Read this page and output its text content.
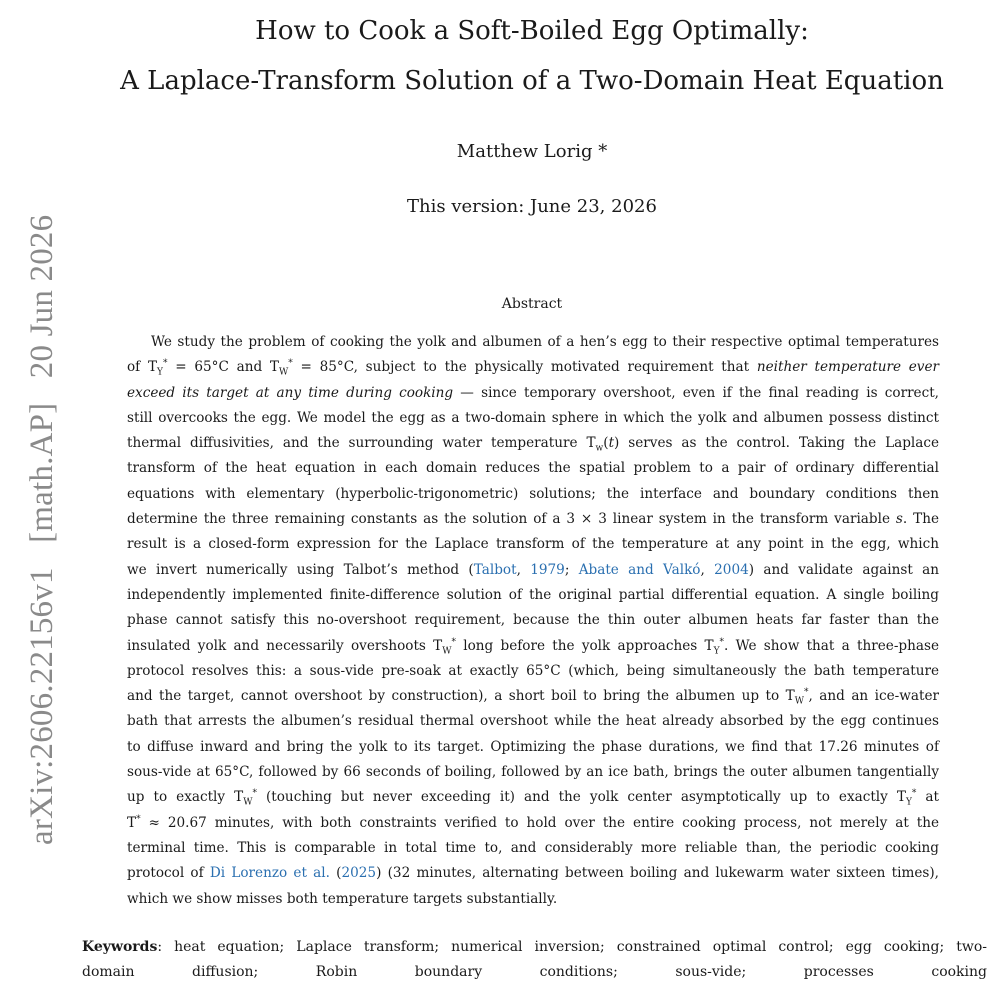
arXiv:2606.22156v1 [math.AP] 20 Jun 2026
How to Cook a Soft-Boiled Egg Optimally:
A Laplace-Transform Solution of a Two-Domain Heat Equation
Matthew Lorig *
This version: June 23, 2026
Abstract
We study the problem of cooking the yolk and albumen of a hen’s egg to their respective optimal temperatures
of $T_Y^* = 65^\circ C$ and $T_W^* = 85^\circ C$, subject to the physically motivated requirement that neither temperature ever
exceed its target at any time during cooking — since temporary overshoot, even if the final reading is correct,
still overcooks the egg. We model the egg as a two-domain sphere in which the yolk and albumen possess distinct
thermal diffusivities, and the surrounding water temperature $T_w(t)$ serves as the control. Taking the Laplace
transform of the heat equation in each domain reduces the spatial problem to a pair of ordinary differential
equations with elementary (hyperbolic-trigonometric) solutions; the interface and boundary conditions then
determine the three remaining constants as the solution of a 3 × 3 linear system in the transform variable s. The
result is a closed-form expression for the Laplace transform of the temperature at any point in the egg, which
we invert numerically using Talbot’s method (Talbot, 1979; Abate and Valkó, 2004) and validate against an
independently implemented finite-difference solution of the original partial differential equation. A single boiling
phase cannot satisfy this no-overshoot requirement, because the thin outer albumen heats far faster than the
insulated yolk and necessarily overshoots $T_W^*$ long before the yolk approaches $T_Y^*$. We show that a three-phase
protocol resolves this: a sous-vide pre-soak at exactly 65°C (which, being simultaneously the bath temperature
and the target, cannot overshoot by construction), a short boil to bring the albumen up to $T_W^*$, and an ice-water
bath that arrests the albumen’s residual thermal overshoot while the heat already absorbed by the egg continues
to diffuse inward and bring the yolk to its target. Optimizing the phase durations, we find that 17.26 minutes of
sous-vide at 65°C, followed by 66 seconds of boiling, followed by an ice bath, brings the outer albumen tangentially
up to exactly $T_W^*$ (touching but never exceeding it) and the yolk center asymptotically up to exactly $T_Y^*$ at
T* ≈ 20.67 minutes, with both constraints verified to hold over the entire cooking process, not merely at the
terminal time. This is comparable in total time to, and considerably more reliable than, the periodic cooking
protocol of Di Lorenzo et al. (2025) (32 minutes, alternating between boiling and lukewarm water sixteen times),
which we show misses both temperature targets substantially.
Keywords: heat equation; Laplace transform; numerical inversion; constrained optimal control; egg cooking; two-
domain diffusion; Robin boundary conditions; sous-vide; processes cooking
